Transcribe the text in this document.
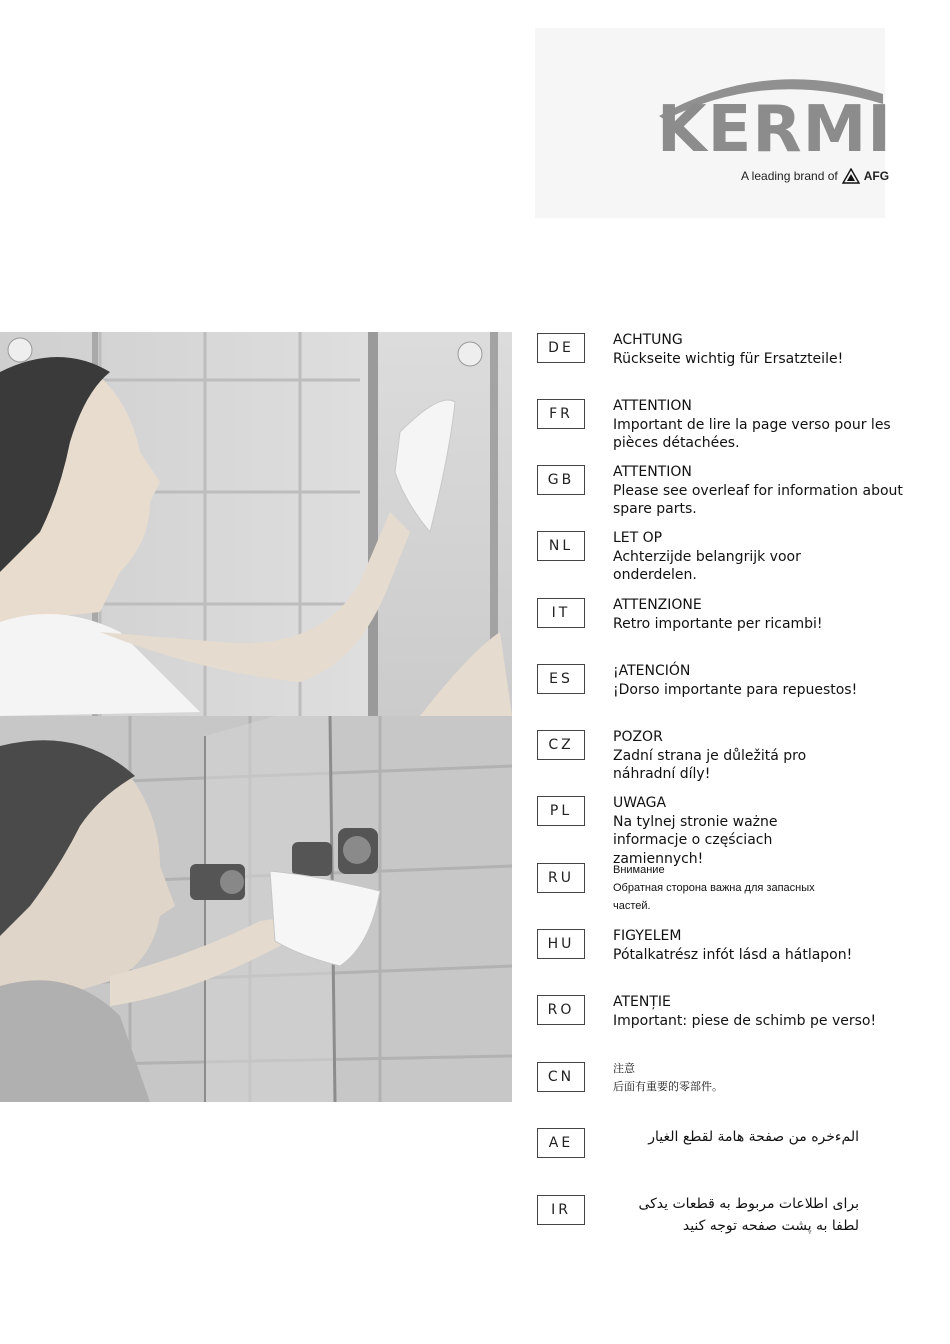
KERMI
A leading brand of AFG
DE	ACHTUNG
Rückseite wichtig für Ersatzteile!
FR	ATTENTION
Important de lire la page verso pour les pièces détachées.
GB	ATTENTION
Please see overleaf for information about spare parts.
NL	LET OP
Achterzijde belangrijk voor onderdelen.
IT	ATTENZIONE
Retro importante per ricambi!
ES	¡ATENCIÓN
¡Dorso importante para repuestos!
CZ	POZOR
Zadní strana je důležitá pro náhradní díly!
PL	UWAGA
Na tylnej stronie ważne informacje o częściach zamiennych!
RU	Внимание
Обратная сторона важна для запасных частей.
HU	FIGYELEM
Pótalkatrész infót lásd a hátlapon!
RO	ATENȚIE
Important: piese de schimb pe verso!
CN
注意
后面有重要的零部件。
AE	المءخره من صفحة هامة لقطع الغيار
IR	برای اطلاعات مربوط به قطعات یدکی لطفا به پشت صفحه توجه کنید
